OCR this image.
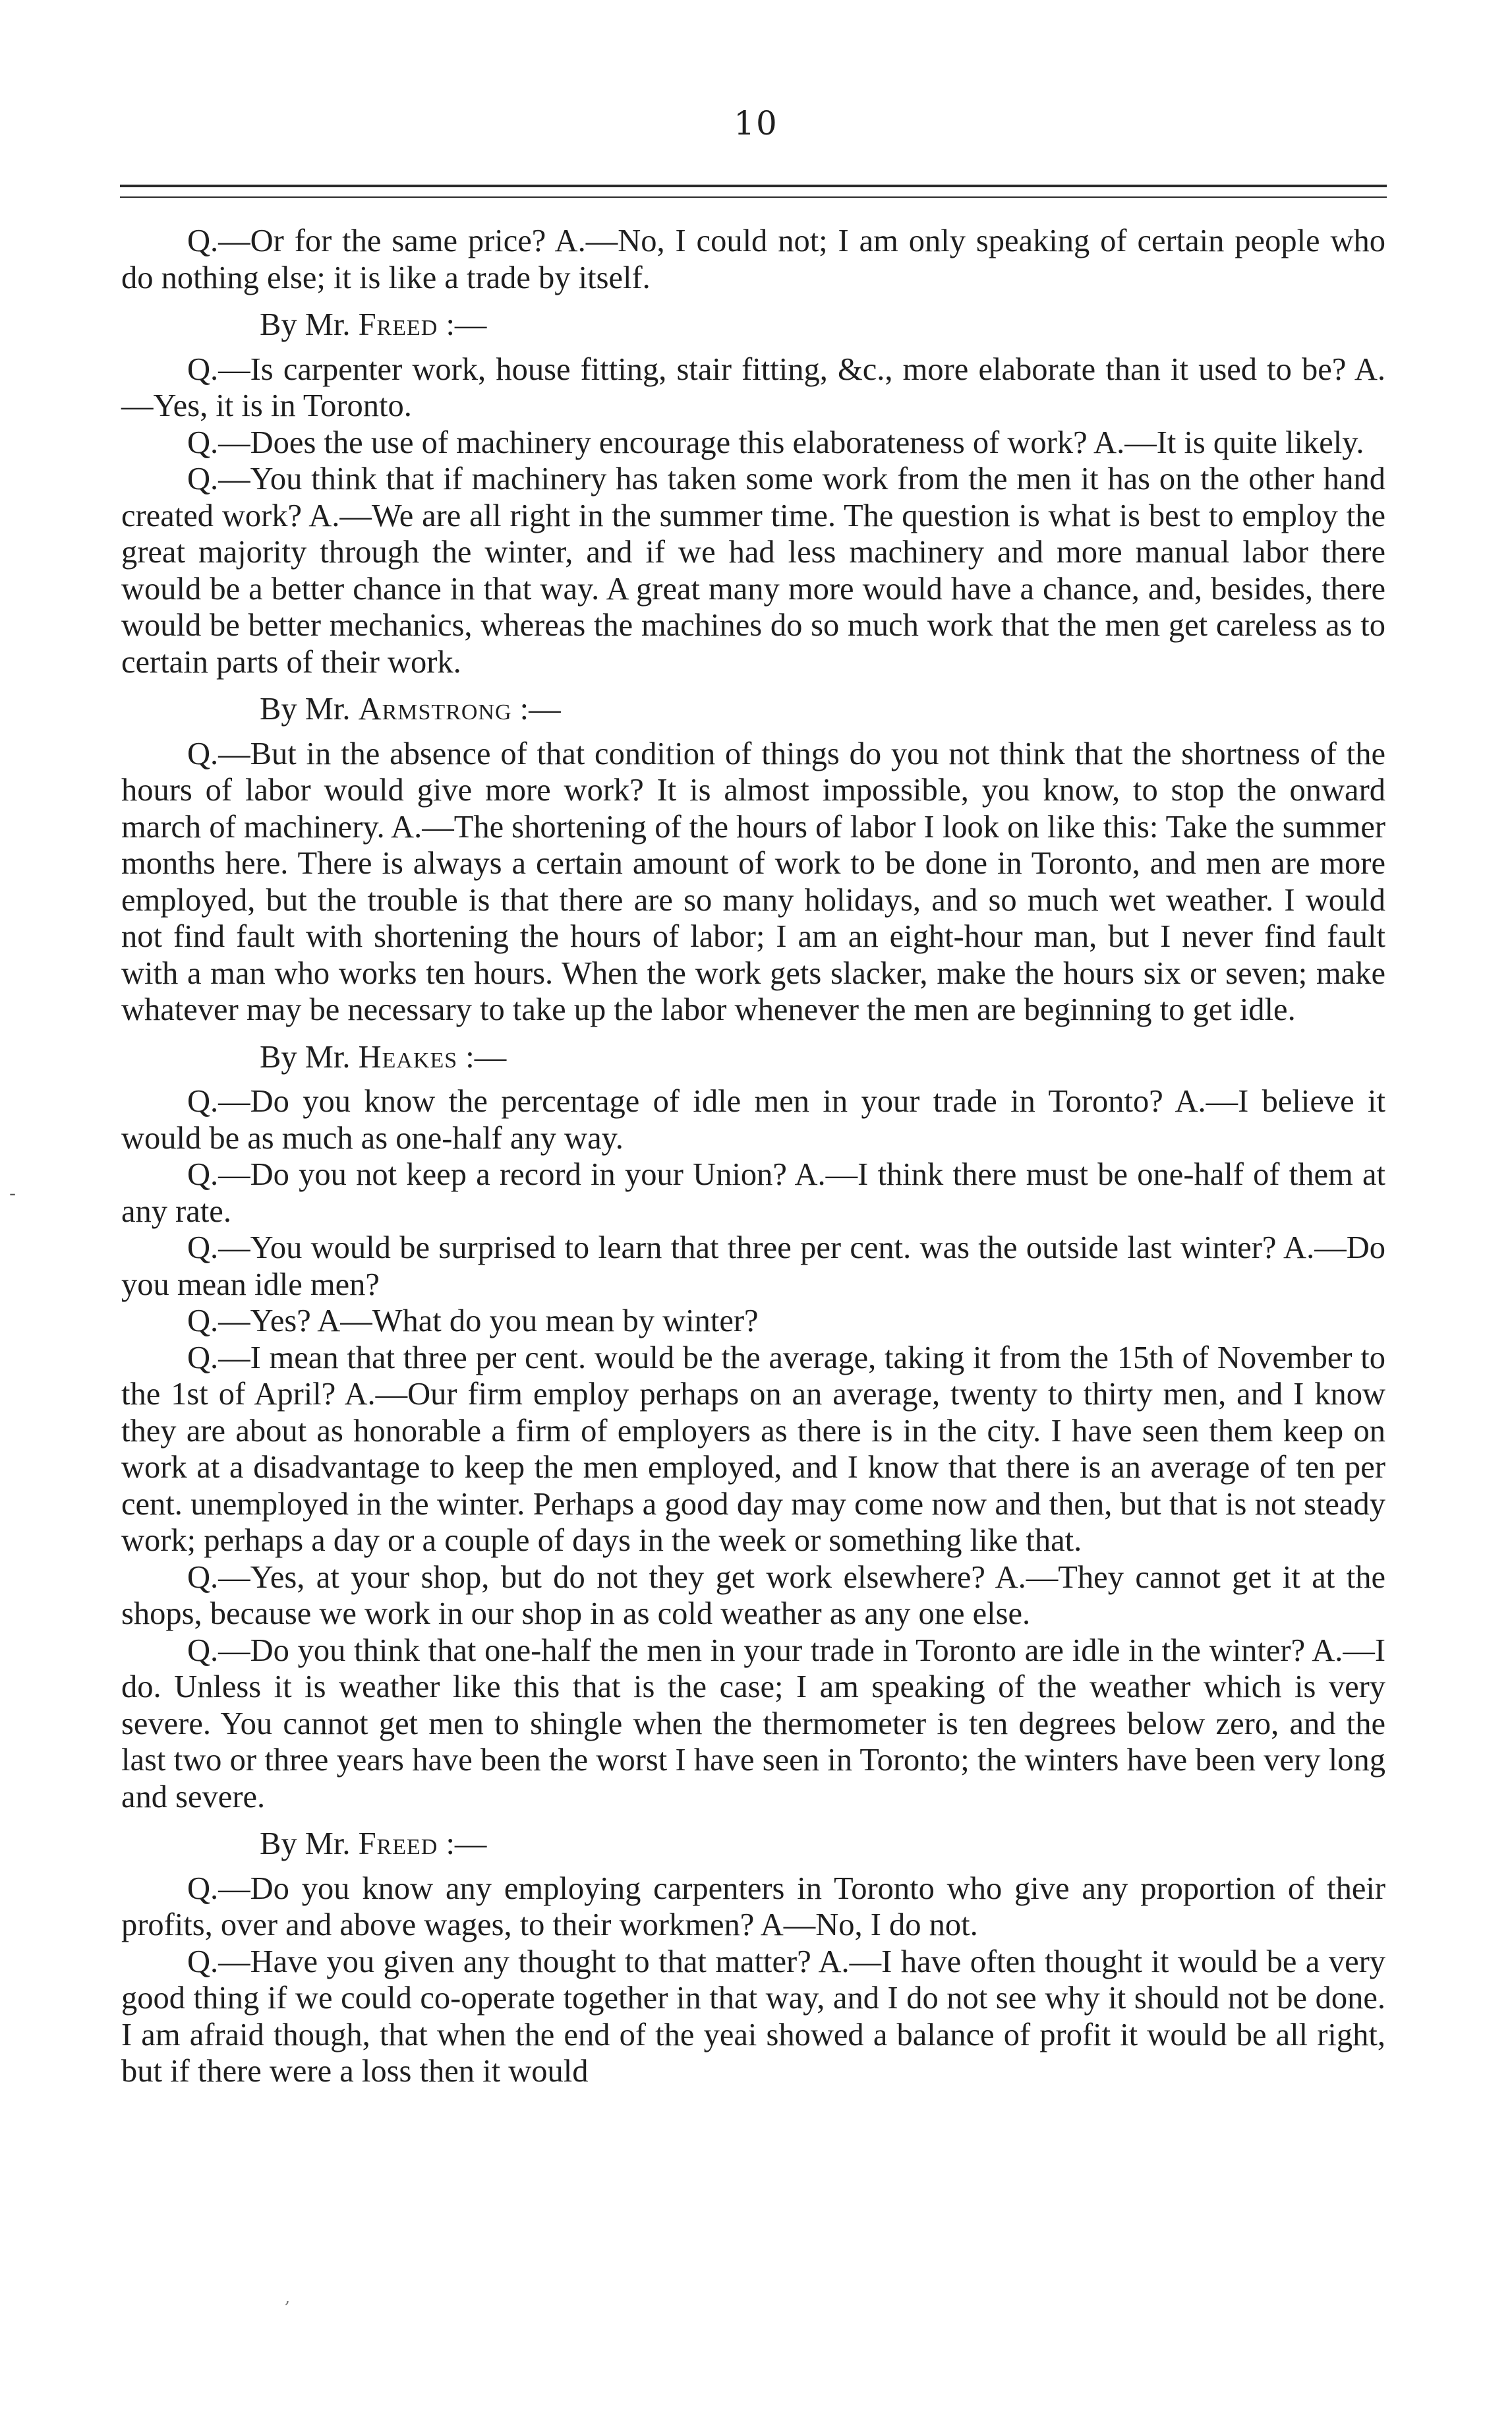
10

Q.—Or for the same price? A.—No, I could not; I am only speaking of certain people who do nothing else; it is like a trade by itself.

By Mr. Freed :—

Q.—Is carpenter work, house fitting, stair fitting, &c., more elaborate than it used to be? A.—Yes, it is in Toronto.

Q.—Does the use of machinery encourage this elaborateness of work? A.—It is quite likely.

Q.—You think that if machinery has taken some work from the men it has on the other hand created work? A.—We are all right in the summer time. The question is what is best to employ the great majority through the winter, and if we had less machinery and more manual labor there would be a better chance in that way. A great many more would have a chance, and, besides, there would be better mechanics, whereas the machines do so much work that the men get careless as to certain parts of their work.

By Mr. Armstrong :—

Q.—But in the absence of that condition of things do you not think that the shortness of the hours of labor would give more work? It is almost impossible, you know, to stop the onward march of machinery. A.—The shortening of the hours of labor I look on like this: Take the summer months here. There is always a certain amount of work to be done in Toronto, and men are more employed, but the trouble is that there are so many holidays, and so much wet weather. I would not find fault with shortening the hours of labor; I am an eight-hour man, but I never find fault with a man who works ten hours. When the work gets slacker, make the hours six or seven; make whatever may be necessary to take up the labor whenever the men are beginning to get idle.

By Mr. Heakes :—

Q.—Do you know the percentage of idle men in your trade in Toronto? A.—I believe it would be as much as one-half any way.

Q.—Do you not keep a record in your Union? A.—I think there must be one-half of them at any rate.

Q.—You would be surprised to learn that three per cent. was the outside last winter? A.—Do you mean idle men?

Q.—Yes? A—What do you mean by winter?

Q.—I mean that three per cent. would be the average, taking it from the 15th of November to the 1st of April? A.—Our firm employ perhaps on an average, twenty to thirty men, and I know they are about as honorable a firm of employers as there is in the city. I have seen them keep on work at a disadvantage to keep the men employed, and I know that there is an average of ten per cent. unemployed in the winter. Perhaps a good day may come now and then, but that is not steady work; perhaps a day or a couple of days in the week or something like that.

Q.—Yes, at your shop, but do not they get work elsewhere? A.—They cannot get it at the shops, because we work in our shop in as cold weather as any one else.

Q.—Do you think that one-half the men in your trade in Toronto are idle in the winter? A.—I do. Unless it is weather like this that is the case; I am speaking of the weather which is very severe. You cannot get men to shingle when the thermometer is ten degrees below zero, and the last two or three years have been the worst I have seen in Toronto; the winters have been very long and severe.

By Mr. Freed :—

Q.—Do you know any employing carpenters in Toronto who give any proportion of their profits, over and above wages, to their workmen? A—No, I do not.

Q.—Have you given any thought to that matter? A.—I have often thought it would be a very good thing if we could co-operate together in that way, and I do not see why it should not be done. I am afraid though, that when the end of the yeai showed a balance of profit it would be all right, but if there were a loss then it would

-
,
